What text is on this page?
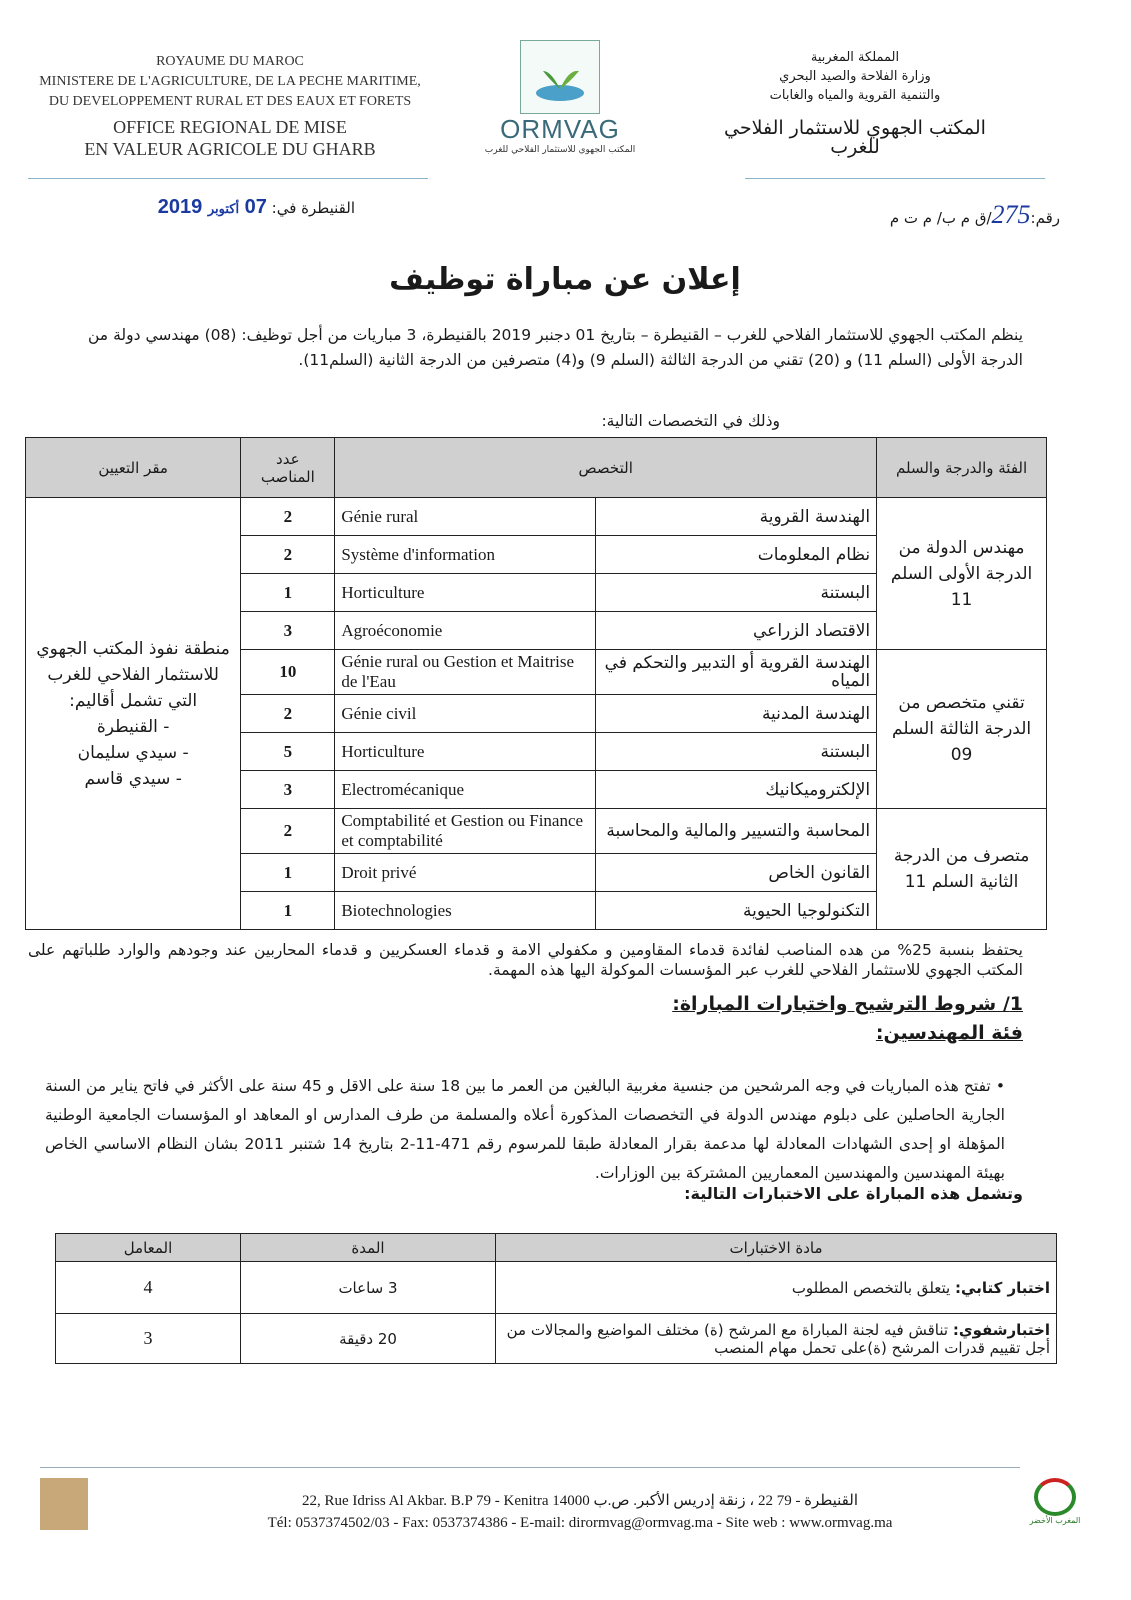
ROYAUME DU MAROC
MINISTERE DE L'AGRICULTURE, DE LA PECHE MARITIME,
DU DEVELOPPEMENT RURAL ET DES EAUX ET FORETS
OFFICE REGIONAL DE MISE
EN VALEUR AGRICOLE DU GHARB
ORMVAG
المكتب الجهوي للاستثمار الفلاحي للغرب
المملكة المغربية
وزارة الفلاحة والصيد البحري
والتنمية القروية والمياه والغابات
المكتب الجهوي للاستثمار الفلاحي للغرب
رقم:275/ق م ب/ م ت م
القنيطرة في: 07 أكتوبر 2019
إعلان عن مباراة توظيف
ينظم المكتب الجهوي للاستثمار الفلاحي للغرب – القنيطرة – بتاريخ 01 دجنبر 2019 بالقنيطرة، 3 مباريات من أجل توظيف: (08) مهندسي دولة من الدرجة الأولى (السلم 11) و (20) تقني من الدرجة الثالثة (السلم 9) و(4) متصرفين من الدرجة الثانية (السلم11).
وذلك في التخصصات التالية:
مقر التعيين	عدد المناصب	التخصص		الفئة والدرجة والسلم

منطقة نفوذ المكتب الجهوي للاستثمار الفلاحي للغرب التي تشمل أقاليم:
- القنيطرة
- سيدي سليمان
- سيدي قاسم	2	Génie rural	الهندسة القروية	مهندس الدولة من الدرجة الأولى السلم 11
	2	Système d'information	نظام المعلومات	
	1	Horticulture	البستنة	
	3	Agroéconomie	الاقتصاد الزراعي	
	10	Génie rural ou Gestion et Maitrise de l'Eau	الهندسة القروية أو التدبير والتحكم في المياه	تقني متخصص من الدرجة الثالثة السلم 09
	2	Génie civil	الهندسة المدنية	
	5	Horticulture	البستنة	
	3	Electromécanique	الإلكتروميكانيك	
	2	Comptabilité et Gestion ou Finance et comptabilité	المحاسبة والتسيير والمالية والمحاسبة	متصرف من الدرجة الثانية السلم 11
	1	Droit privé	القانون الخاص	
	1	Biotechnologies	التكنولوجيا الحيوية	
يحتفظ بنسبة 25% من هده المناصب لفائدة قدماء المقاومين و مكفولي الامة و قدماء العسكريين و قدماء المحاربين عند وجودهم والوارد طلباتهم على المكتب الجهوي للاستثمار الفلاحي للغرب عبر المؤسسات الموكولة اليها هذه المهمة.
1/ شروط الترشيح واختبارات المباراة:
فئة المهندسين:
• تفتح هذه المباريات في وجه المرشحين من جنسية مغربية البالغين من العمر ما بين 18 سنة على الاقل و 45 سنة على الأكثر في فاتح يناير من السنة الجارية الحاصلين على دبلوم مهندس الدولة في التخصصات المذكورة أعلاه والمسلمة من طرف المدارس او المعاهد او المؤسسات الجامعية الوطنية المؤهلة او إحدى الشهادات المعادلة لها مدعمة بقرار المعادلة طبقا للمرسوم رقم 471-11-2 بتاريخ 14 شتنبر 2011 بشان النظام الاساسي الخاص بهيئة المهندسين والمهندسين المعماريين المشتركة بين الوزارات.
وتشمل هذه المباراة على الاختبارات التالية:
المعامل	المدة	مادة الاختبارات
4	3 ساعات	اختبار كتابي: يتعلق بالتخصص المطلوب
3	20 دقيقة	اختبارشفوي: تناقش فيه لجنة المباراة مع المرشح (ة) مختلف المواضيع والمجالات من أجل تقييم قدرات المرشح (ة)على تحمل مهام المنصب
22, Rue Idriss Al Akbar. B.P 79 - Kenitra 14000 القنيطرة - 79 22 ، زنقة إدريس الأكبر. ص.ب
Tél: 0537374502/03 - Fax: 0537374386 - E-mail: dirormvag@ormvag.ma - Site web : www.ormvag.ma	المغرب الأخضر
